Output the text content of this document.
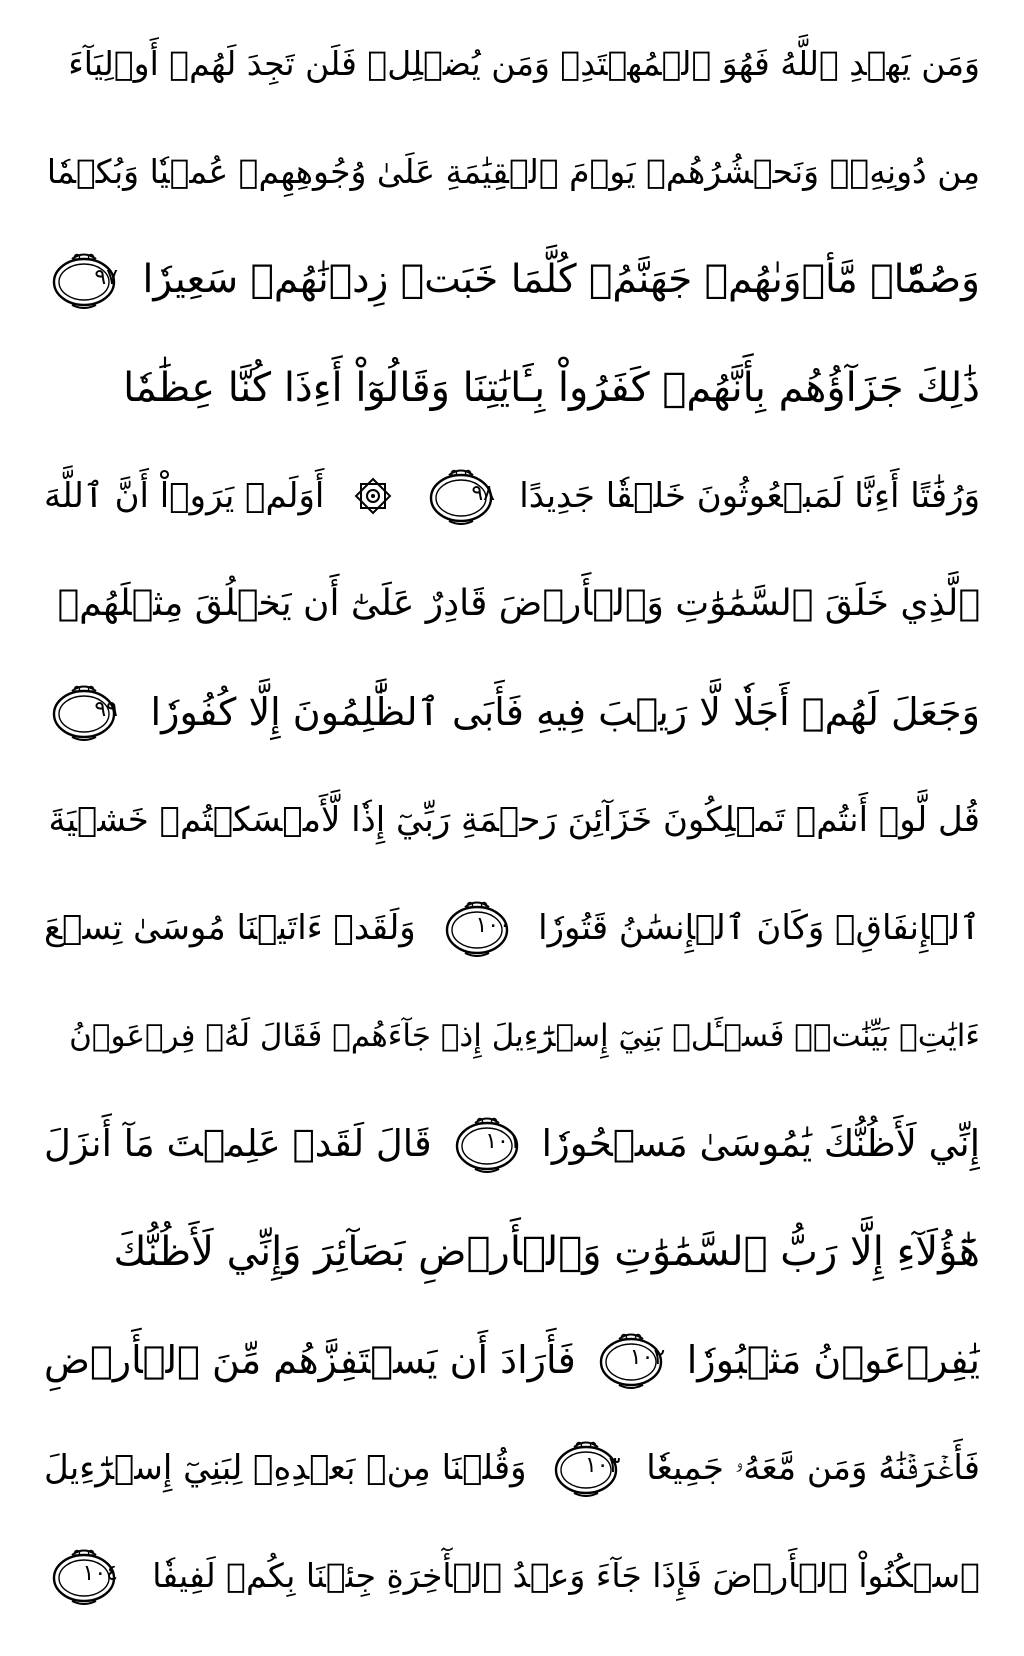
وَمَن يَهۡدِ ٱللَّهُ فَهُوَ ٱلۡمُهۡتَدِۖ وَمَن يُضۡلِلۡ فَلَن تَجِدَ لَهُمۡ أَوۡلِيَآءَ
مِن دُونِهِۦۖ وَنَحۡشُرُهُمۡ يَوۡمَ ٱلۡقِيَٰمَةِ عَلَىٰ وُجُوهِهِمۡ عُمۡيٗا وَبُكۡمٗا
وَصُمّٗاۖ مَّأۡوَىٰهُمۡ جَهَنَّمُۖ كُلَّمَا خَبَتۡ زِدۡنَٰهُمۡ سَعِيرٗا
٩٧
ذَٰلِكَ جَزَآؤُهُم بِأَنَّهُمۡ كَفَرُواْ بِـَٔايَٰتِنَا وَقَالُوٓاْ أَءِذَا كُنَّا عِظَٰمٗا
وَرُفَٰتًا أَءِنَّا لَمَبۡعُوثُونَ خَلۡقٗا جَدِيدًا
٩٨
أَوَلَمۡ يَرَوۡاْ أَنَّ ٱللَّهَ
ٱلَّذِي خَلَقَ ٱلسَّمَٰوَٰتِ وَٱلۡأَرۡضَ قَادِرٌ عَلَىٰٓ أَن يَخۡلُقَ مِثۡلَهُمۡ
وَجَعَلَ لَهُمۡ أَجَلٗا لَّا رَيۡبَ فِيهِ فَأَبَى ٱلظَّٰلِمُونَ إِلَّا كُفُورٗا
٩٩
قُل لَّوۡ أَنتُمۡ تَمۡلِكُونَ خَزَآئِنَ رَحۡمَةِ رَبِّيٓ إِذٗا لَّأَمۡسَكۡتُمۡ خَشۡيَةَ
ٱلۡإِنفَاقِۚ وَكَانَ ٱلۡإِنسَٰنُ قَتُورٗا
١٠٠
وَلَقَدۡ ءَاتَيۡنَا مُوسَىٰ تِسۡعَ
ءَايَٰتِۭ بَيِّنَٰتٖۖ فَسۡـَٔلۡ بَنِيٓ إِسۡرَٰٓءِيلَ إِذۡ جَآءَهُمۡ فَقَالَ لَهُۥ فِرۡعَوۡنُ
إِنِّي لَأَظُنُّكَ يَٰمُوسَىٰ مَسۡحُورٗا
١٠١
قَالَ لَقَدۡ عَلِمۡتَ مَآ أَنزَلَ
هَٰٓؤُلَآءِ إِلَّا رَبُّ ٱلسَّمَٰوَٰتِ وَٱلۡأَرۡضِ بَصَآئِرَ وَإِنِّي لَأَظُنُّكَ
يَٰفِرۡعَوۡنُ مَثۡبُورٗا
١٠٢
فَأَرَادَ أَن يَسۡتَفِزَّهُم مِّنَ ٱلۡأَرۡضِ
فَأَغۡرَقۡنَٰهُ وَمَن مَّعَهُۥ جَمِيعٗا
١٠٣
وَقُلۡنَا مِنۢ بَعۡدِهِۦ لِبَنِيٓ إِسۡرَٰٓءِيلَ
ٱسۡكُنُواْ ٱلۡأَرۡضَ فَإِذَا جَآءَ وَعۡدُ ٱلۡأٓخِرَةِ جِئۡنَا بِكُمۡ لَفِيفٗا
١٠٤
